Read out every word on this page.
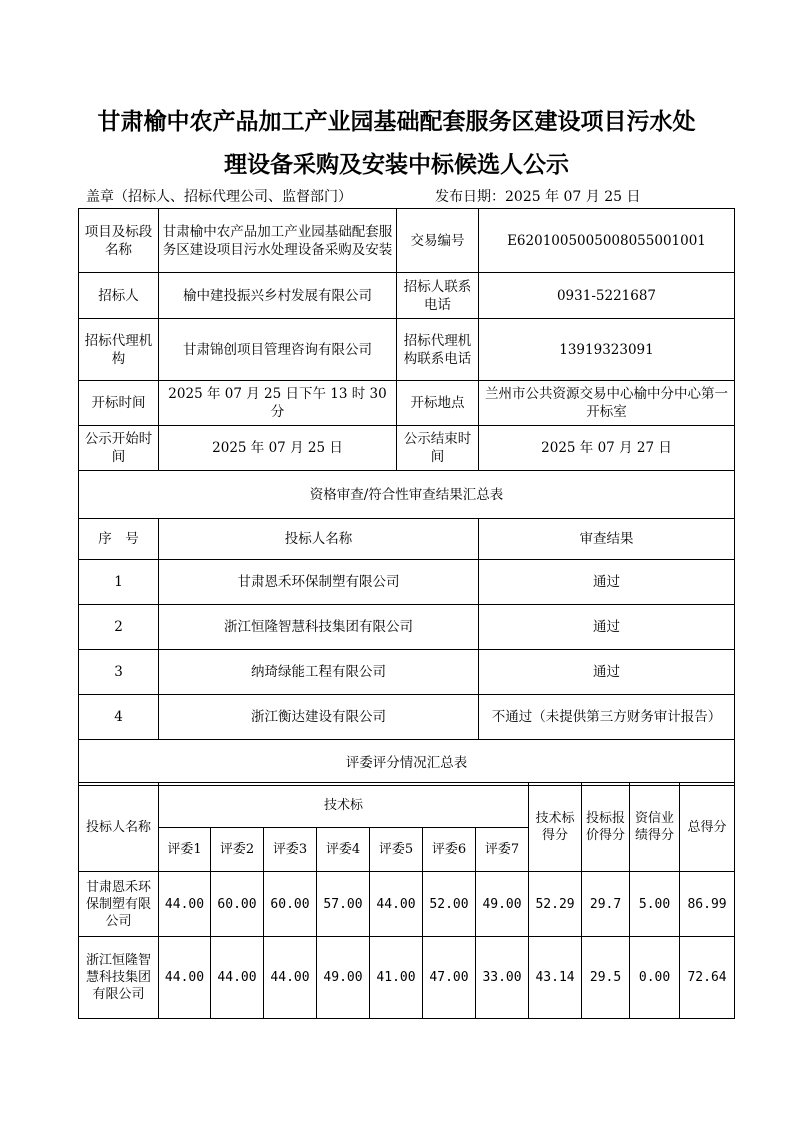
甘肃榆中农产品加工产业园基础配套服务区建设项目污水处
理设备采购及安装中标候选人公示
盖章（招标人、招标代理公司、监督部门）	发布日期：2025 年 07 月 25 日
项目及标段名称	甘肃榆中农产品加工产业园基础配套服务区建设项目污水处理设备采购及安装	交易编号	E6201005005008055001001
招标人	榆中建投振兴乡村发展有限公司	招标人联系电话	0931-5221687
招标代理机构	甘肃锦创项目管理咨询有限公司	招标代理机构联系电话	13919323091
开标时间	2025 年 07 月 25 日下午 13 时 30 分	开标地点	兰州市公共资源交易中心榆中分中心第一开标室
公示开始时间	2025 年 07 月 25 日	公示结束时间	2025 年 07 月 27 日
资格审查/符合性审查结果汇总表			
序　号	投标人名称		审查结果
1	甘肃恩禾环保制塑有限公司		通过
2	浙江恒隆智慧科技集团有限公司		通过
3	纳琦绿能工程有限公司		通过
4	浙江衡达建设有限公司		不通过（未提供第三方财务审计报告）
评委评分情况汇总表			
投标人名称	技术标							技术标得分	投标报价得分	资信业绩得分	总得分
	评委1	评委2	评委3	评委4	评委5	评委6	评委7				
甘肃恩禾环保制塑有限公司	44.00	60.00	60.00	57.00	44.00	52.00	49.00	52.29	29.7	5.00	86.99
浙江恒隆智慧科技集团有限公司	44.00	44.00	44.00	49.00	41.00	47.00	33.00	43.14	29.5	0.00	72.64
